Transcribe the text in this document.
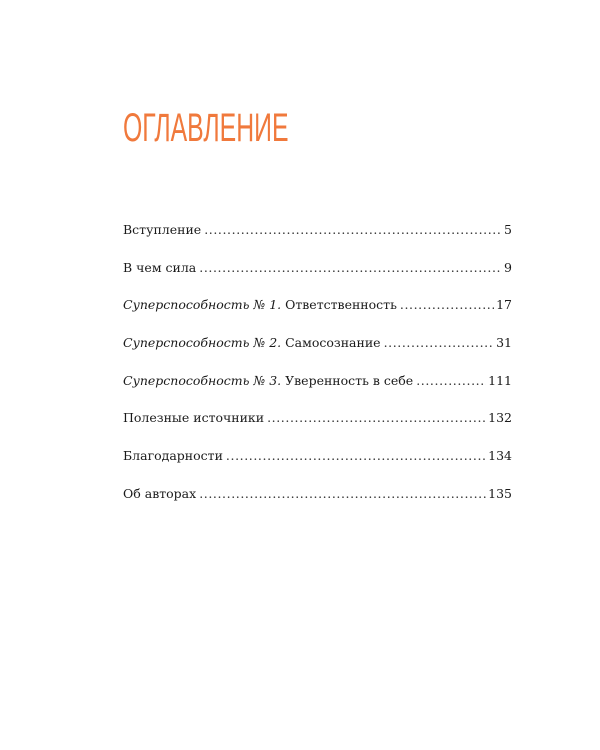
ОГЛАВЛЕНИЕ
Вступление .....	5
В чем сила .....	9
Суперспособность № 1. Ответственность .....	17
Суперспособность № 2. Самосознание .....	31
Суперспособность № 3. Уверенность в себе .....	111
Полезные источники .....	132
Благодарности .....	134
Об авторах .....	135
